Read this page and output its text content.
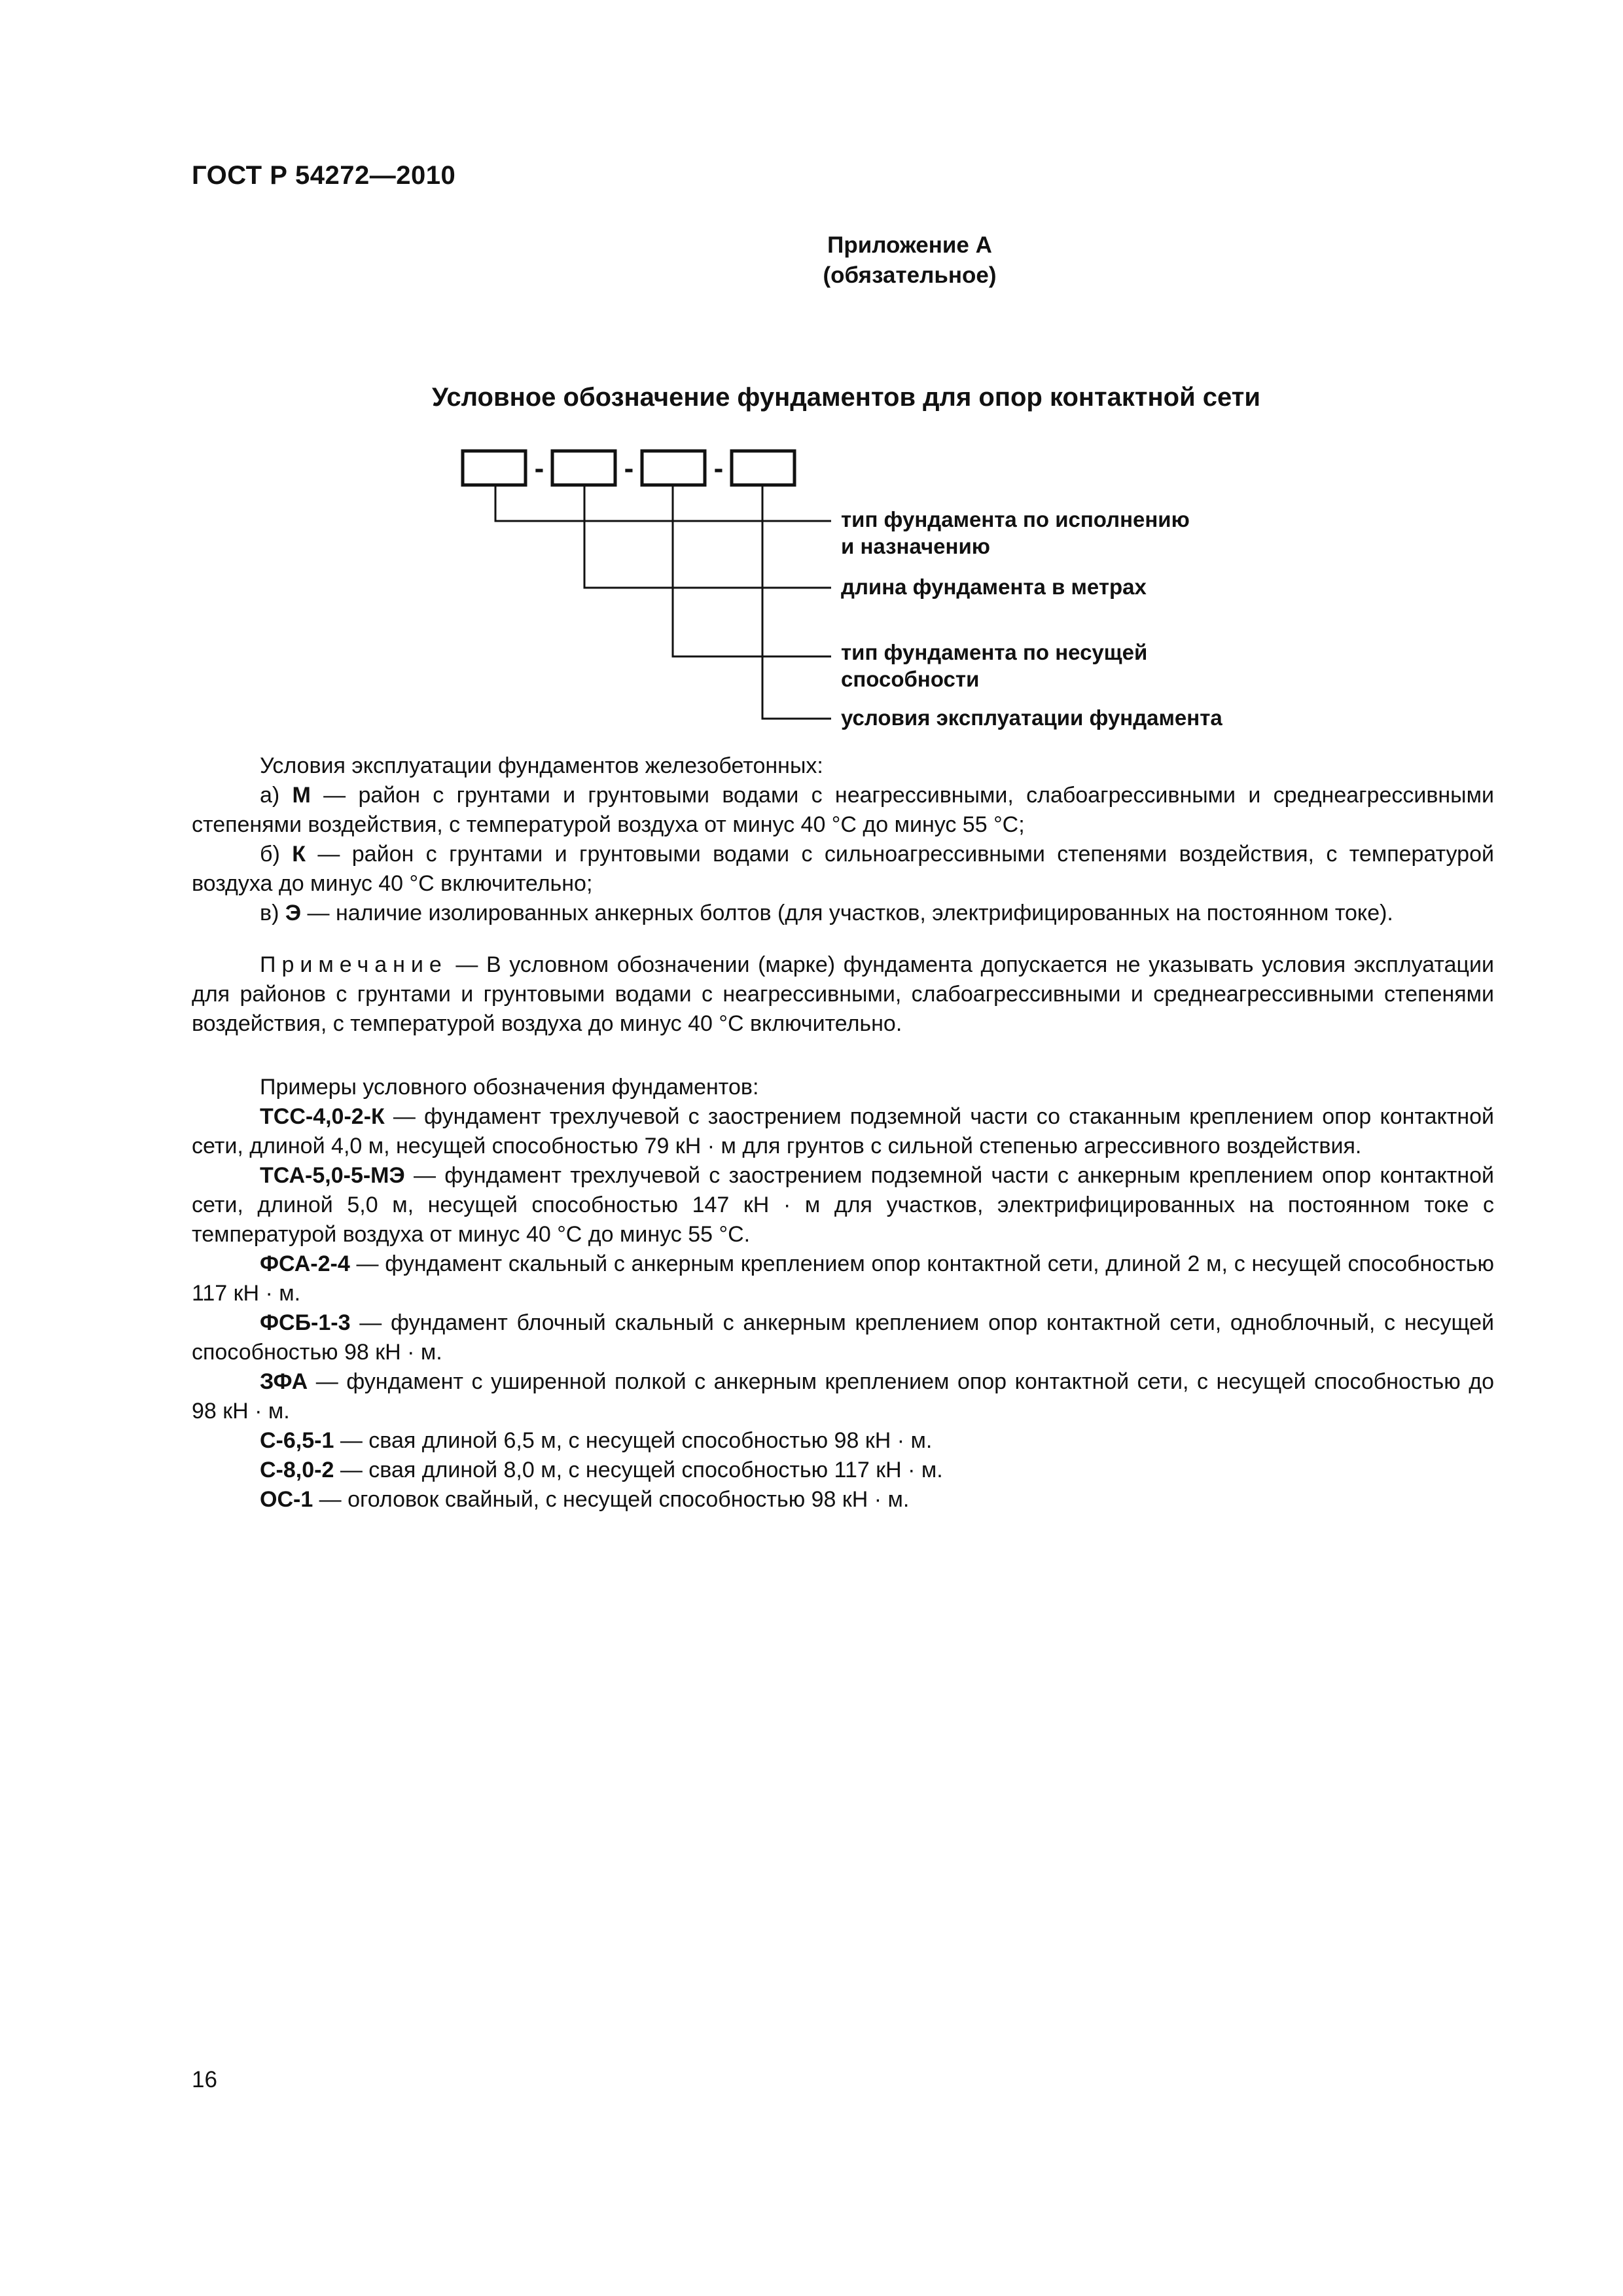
ГОСТ Р 54272—2010
Приложение А
(обязательное)
Условное обозначение фундаментов для опор контактной сети
-	-	-
тип фундамента по исполнению
и назначению
длина фундамента в метрах
тип фундамента по несущей
способности
условия эксплуатации фундамента

Условия эксплуатации фундаментов железобетонных:

а) М — район с грунтами и грунтовыми водами с неагрессивными, слабоагрессивными и среднеагрессивными степенями воздействия, с температурой воздуха от минус 40 °С до минус 55 °С;

б) К — район с грунтами и грунтовыми водами с сильноагрессивными степенями воздействия, с температурой воздуха до минус 40 °С включительно;

в) Э — наличие изолированных анкерных болтов (для участков, электрифицированных на постоянном токе).

Примечание — В условном обозначении (марке) фундамента допускается не указывать условия эксплуатации для районов с грунтами и грунтовыми водами с неагрессивными, слабоагрессивными и среднеагрессивными степенями воздействия, с температурой воздуха до минус 40 °С включительно.

Примеры условного обозначения фундаментов:

ТСС-4,0-2-К — фундамент трехлучевой с заострением подземной части со стаканным креплением опор контактной сети, длиной 4,0 м, несущей способностью 79 кН · м для грунтов с сильной степенью агрессивного воздействия.

ТСА-5,0-5-МЭ — фундамент трехлучевой с заострением подземной части с анкерным креплением опор контактной сети, длиной 5,0 м, несущей способностью 147 кН · м для участков, электрифицированных на постоянном токе с температурой воздуха от минус 40 °С до минус 55 °С.

ФСА-2-4 — фундамент скальный с анкерным креплением опор контактной сети, длиной 2 м, с несущей способностью 117 кН · м.

ФСБ-1-3 — фундамент блочный скальный с анкерным креплением опор контактной сети, одноблочный, с несущей способностью 98 кН · м.

ЗФА — фундамент с уширенной полкой с анкерным креплением опор контактной сети, с несущей способностью до 98 кН · м.

С-6,5-1 — свая длиной 6,5 м, с несущей способностью 98 кН · м.

С-8,0-2 — свая длиной 8,0 м, с несущей способностью 117 кН · м.

ОС-1 — оголовок свайный, с несущей способностью 98 кН · м.

16
